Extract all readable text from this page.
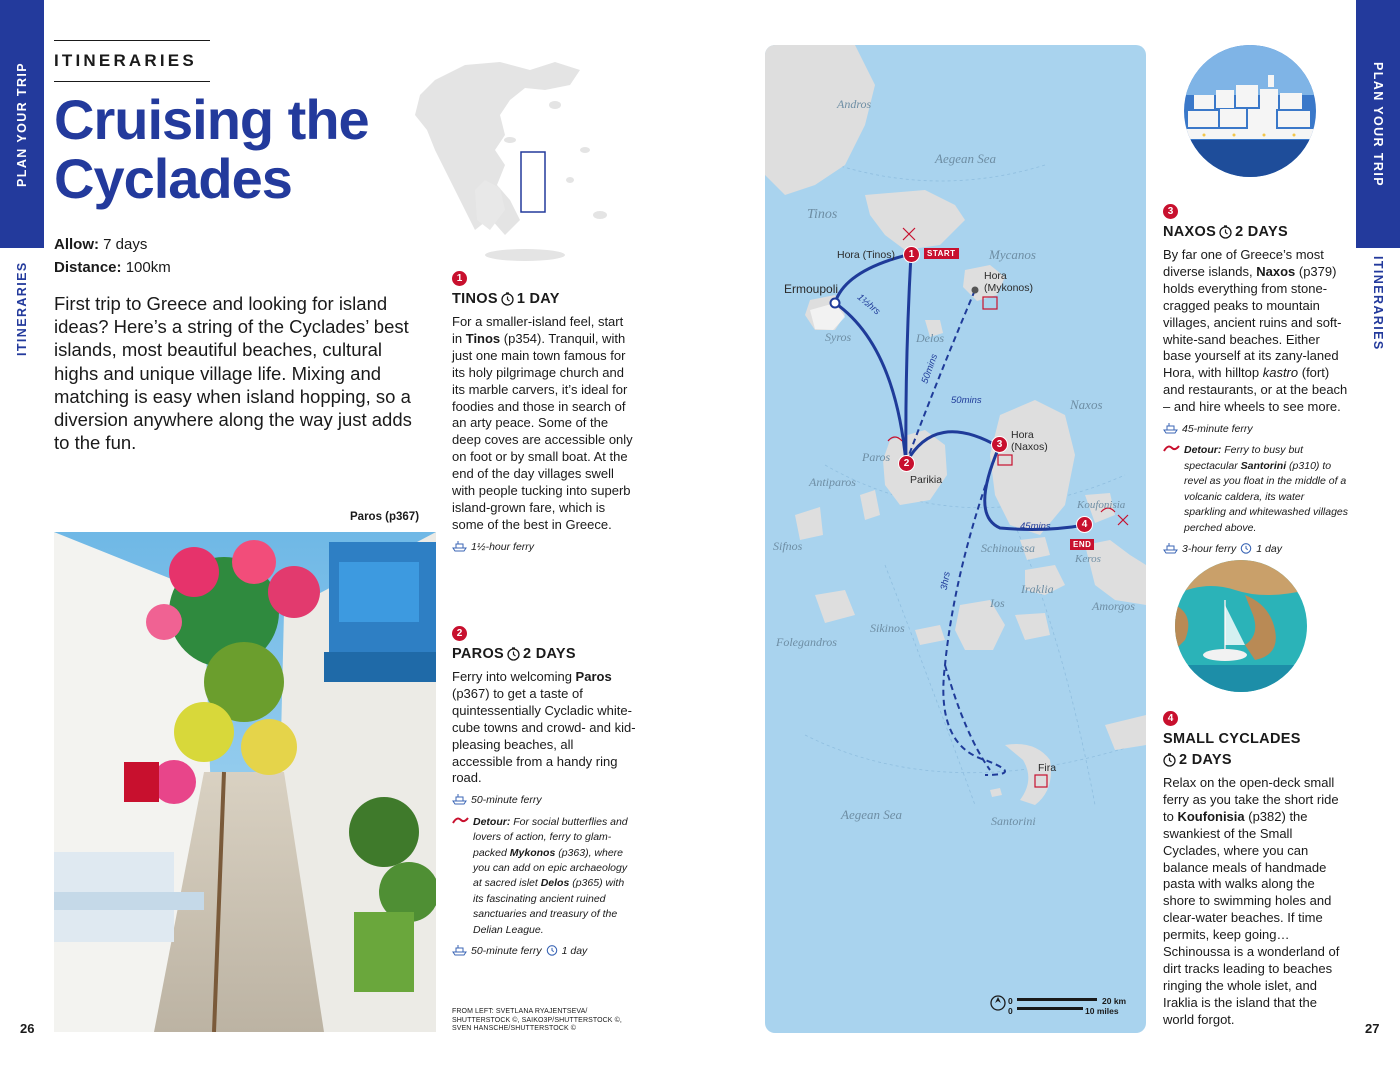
PLAN YOUR TRIP
ITINERARIES
ITINERARIES
Cruising the
Cyclades
Allow: 7 days
Distance: 100km
First trip to Greece and looking for island ideas? Here’s a string of the Cyclades’ best islands, most beautiful beaches, cultural highs and unique village life. Mixing and matching is easy when island hopping, so a diversion anywhere along the way just adds to the fun.
Paros (p367)
1
TINOS 1 DAY
For a smaller-island feel, start in Tinos (p354). Tranquil, with just one main town famous for its holy pilgrimage church and its marble carvers, it’s ideal for foodies and those in search of an arty peace. Some of the deep coves are accessible only on foot or by small boat. At the end of the day villages swell with people tucking into superb island-grown fare, which is some of the best in Greece.
1½-hour ferry
2
PAROS 2 DAYS
Ferry into welcoming Paros (p367) to get a taste of quintessentially Cycladic white-cube towns and crowd- and kid-pleasing beaches, all accessible from a handy ring road.
50-minute ferry
Detour: For social butterflies and lovers of action, ferry to glam-packed Mykonos (p363), where you can add on epic archaeology at sacred islet Delos (p365) with its fascinating ancient ruined sanctuaries and treasury of the Delian League.
50-minute ferry 1 day
FROM LEFT: SVETLANA RYAJENTSEVA/ SHUTTERSTOCK ©, SAIKO3P/SHUTTERSTOCK ©, SVEN HANSCHE/SHUTTERSTOCK ©
26
Aegean Sea
Aegean Sea
Andros
Tinos
Mycanos
Syros	Delos
Naxos
Paros
Antiparos
Koufonisia
Sifnos	Schinoussa
Keros
Iraklia
Amorgos
Ios
Sikinos
Folegandros
Santorini
Hora (Tinos)
Hora
(Mykonos)
Ermoupoli
Parikia
Hora
(Naxos)
Fira
1½hrs
50mins
50mins
3hrs
45mins
1
2
3
4
START
END
0	20 km
0	10 miles
3
NAXOS 2 DAYS
By far one of Greece’s most diverse islands, Naxos (p379) holds everything from stone-cragged peaks to mountain villages, ancient ruins and soft-white-sand beaches. Either base yourself at its zany-laned Hora, with hilltop kastro (fort) and restaurants, or at the beach – and hire wheels to see more.
45-minute ferry
Detour: Ferry to busy but spectacular Santorini (p310) to revel as you float in the middle of a volcanic caldera, its water sparkling and whitewashed villages perched above.
3-hour ferry 1 day
4
SMALL CYCLADES
2 DAYS
Relax on the open-deck small ferry as you take the short ride to Koufonisia (p382) the swankiest of the Small Cyclades, where you can balance meals of handmade pasta with walks along the shore to swimming holes and clear-water beaches. If time permits, keep going… Schinoussa is a wonderland of dirt tracks leading to beaches ringing the whole islet, and Iraklia is the island that the world forgot.
PLAN YOUR TRIP
ITINERARIES
27
